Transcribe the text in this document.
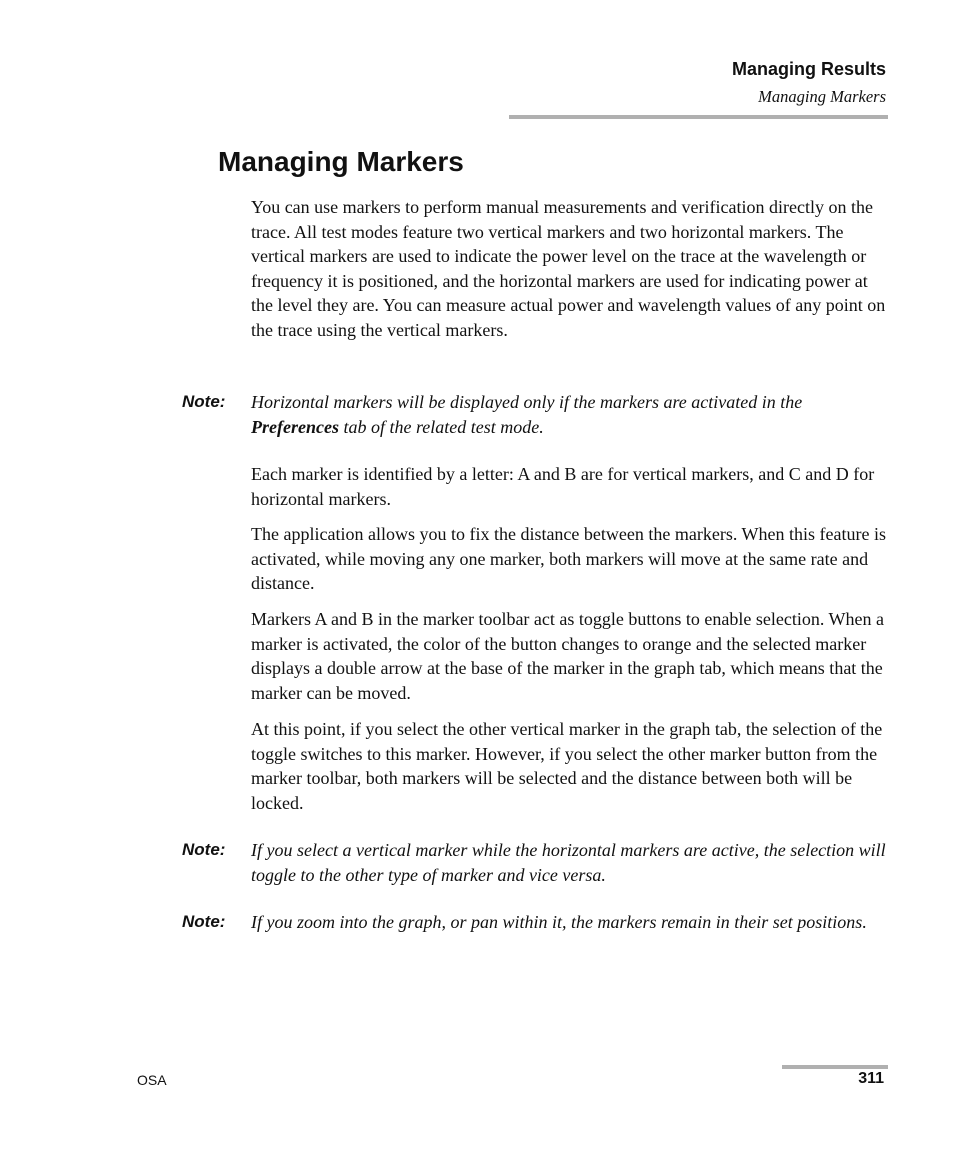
Managing Results
Managing Markers
Managing Markers

You can use markers to perform manual measurements and verification directly on the trace. All test modes feature two vertical markers and two horizontal markers. The vertical markers are used to indicate the power level on the trace at the wavelength or frequency it is positioned, and the horizontal markers are used for indicating power at the level they are. You can measure actual power and wavelength values of any point on the trace using the vertical markers.

Note: Horizontal markers will be displayed only if the markers are activated in the Preferences tab of the related test mode.

Each marker is identified by a letter: A and B are for vertical markers, and C and D for horizontal markers.

The application allows you to fix the distance between the markers. When this feature is activated, while moving any one marker, both markers will move at the same rate and distance.

Markers A and B in the marker toolbar act as toggle buttons to enable selection. When a marker is activated, the color of the button changes to orange and the selected marker displays a double arrow at the base of the marker in the graph tab, which means that the marker can be moved.

At this point, if you select the other vertical marker in the graph tab, the selection of the toggle switches to this marker. However, if you select the other marker button from the marker toolbar, both markers will be selected and the distance between both will be locked.

Note: If you select a vertical marker while the horizontal markers are active, the selection will toggle to the other type of marker and vice versa.

Note: If you zoom into the graph, or pan within it, the markers remain in their set positions.

OSA	311
